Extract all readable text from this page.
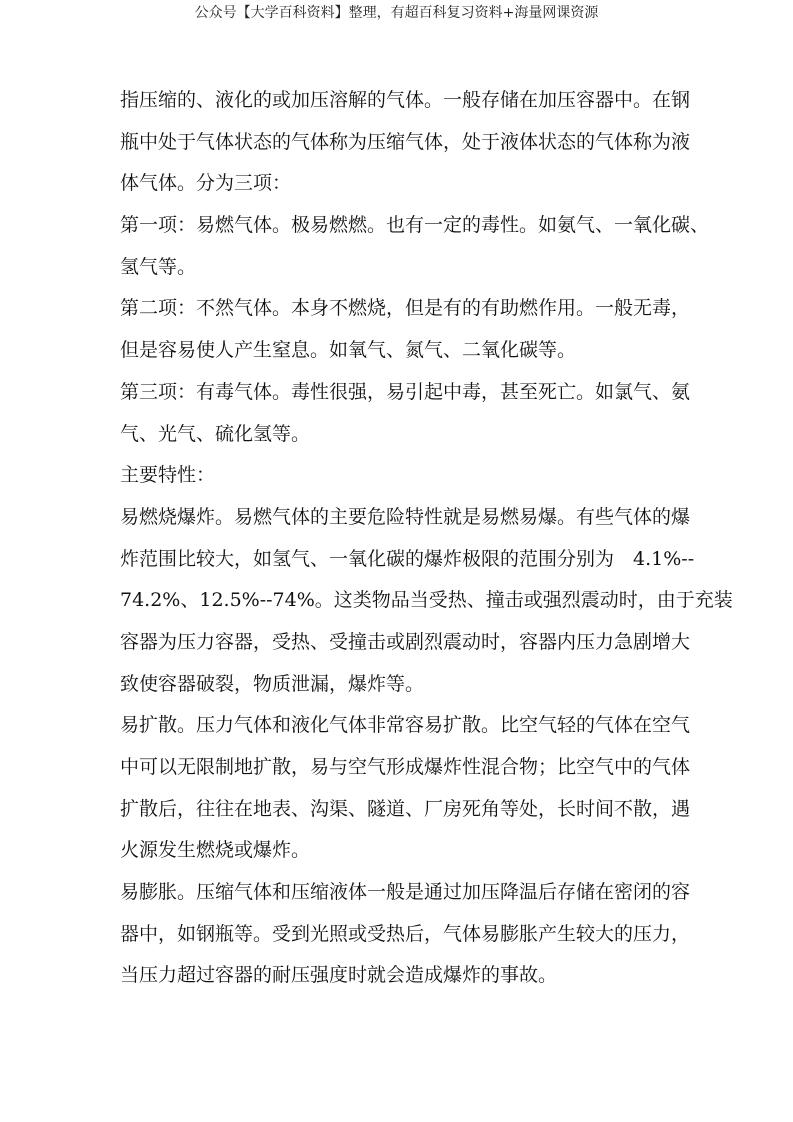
公众号【大学百科资料】整理，有超百科复习资料+海量网课资源
指压缩的、液化的或加压溶解的气体。一般存储在加压容器中。在钢
瓶中处于气体状态的气体称为压缩气体，处于液体状态的气体称为液
体气体。分为三项：
第一项：易燃气体。极易燃燃。也有一定的毒性。如氨气、一氧化碳、
氢气等。
第二项：不然气体。本身不燃烧，但是有的有助燃作用。一般无毒，
但是容易使人产生窒息。如氧气、氮气、二氧化碳等。
第三项：有毒气体。毒性很强，易引起中毒，甚至死亡。如氯气、氨
气、光气、硫化氢等。
主要特性：
易燃烧爆炸。易燃气体的主要危险特性就是易燃易爆。有些气体的爆
炸范围比较大，如氢气、一氧化碳的爆炸极限的范围分别为　4.1%--
74.2%、12.5%--74%。这类物品当受热、撞击或强烈震动时，由于充装
容器为压力容器，受热、受撞击或剧烈震动时，容器内压力急剧增大
致使容器破裂，物质泄漏，爆炸等。
易扩散。压力气体和液化气体非常容易扩散。比空气轻的气体在空气
中可以无限制地扩散，易与空气形成爆炸性混合物；比空气中的气体
扩散后，往往在地表、沟渠、隧道、厂房死角等处，长时间不散，遇
火源发生燃烧或爆炸。
易膨胀。压缩气体和压缩液体一般是通过加压降温后存储在密闭的容
器中，如钢瓶等。受到光照或受热后，气体易膨胀产生较大的压力，
当压力超过容器的耐压强度时就会造成爆炸的事故。
